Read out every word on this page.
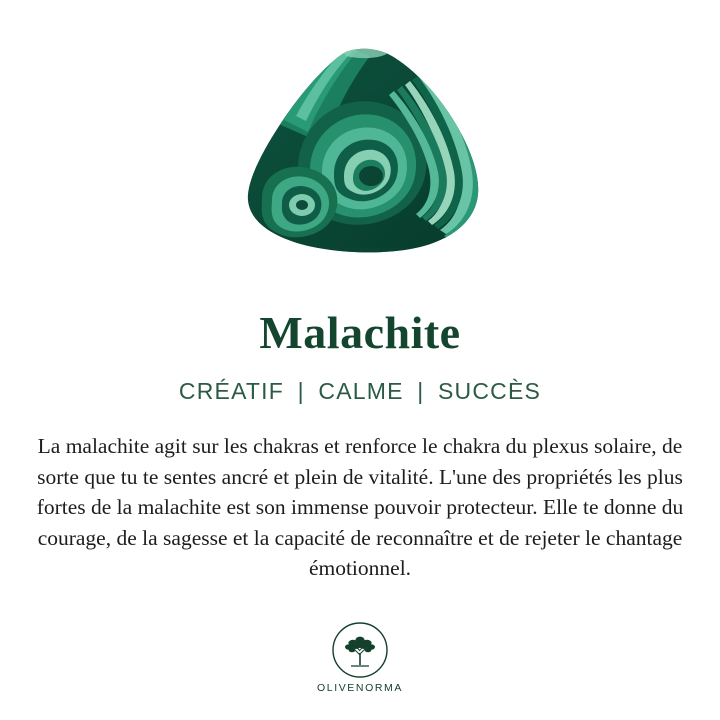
Malachite
CRÉATIF | CALME | SUCCÈS
La malachite agit sur les chakras et renforce le chakra du plexus solaire, de sorte que tu te sentes ancré et plein de vitalité. L'une des propriétés les plus fortes de la malachite est son immense pouvoir protecteur. Elle te donne du courage, de la sagesse et la capacité de reconnaître et de rejeter le chantage émotionnel.
OLIVENORMA
